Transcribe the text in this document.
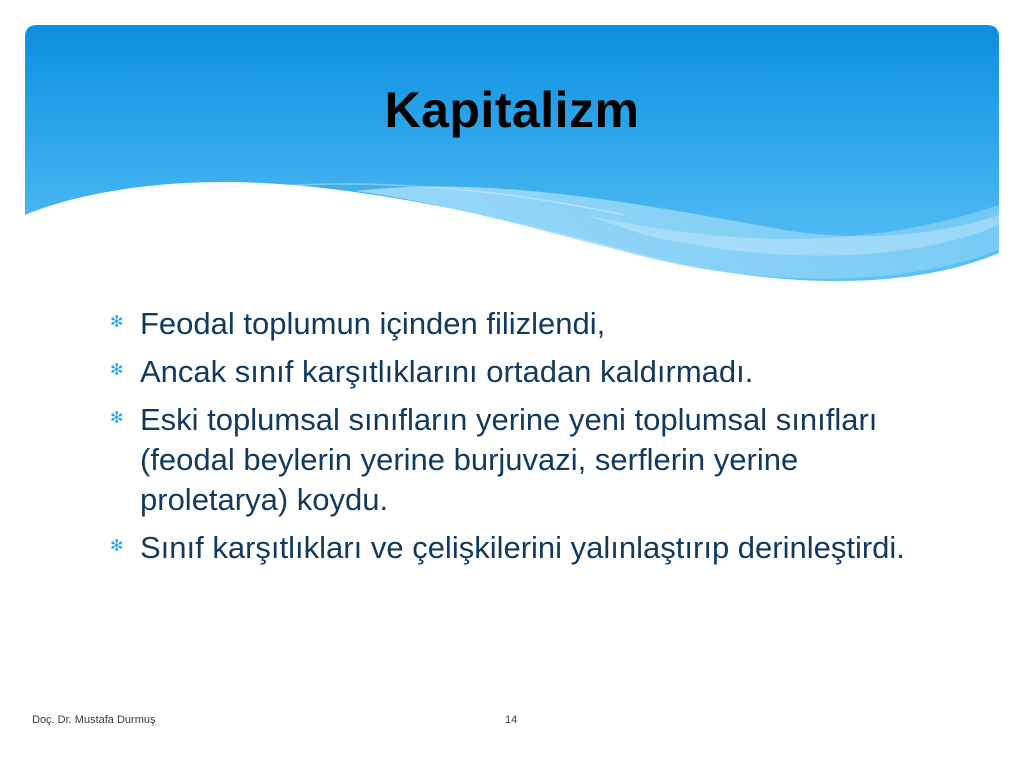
Kapitalizm
✻ Feodal toplumun içinden filizlendi,
✻ Ancak sınıf karşıtlıklarını ortadan kaldırmadı.
✻ Eski toplumsal sınıfların yerine yeni toplumsal sınıfları (feodal beylerin yerine burjuvazi, serflerin yerine proletarya) koydu.
✻ Sınıf karşıtlıkları ve çelişkilerini yalınlaştırıp derinleştirdi.
Doç. Dr. Mustafa Durmuş	14
